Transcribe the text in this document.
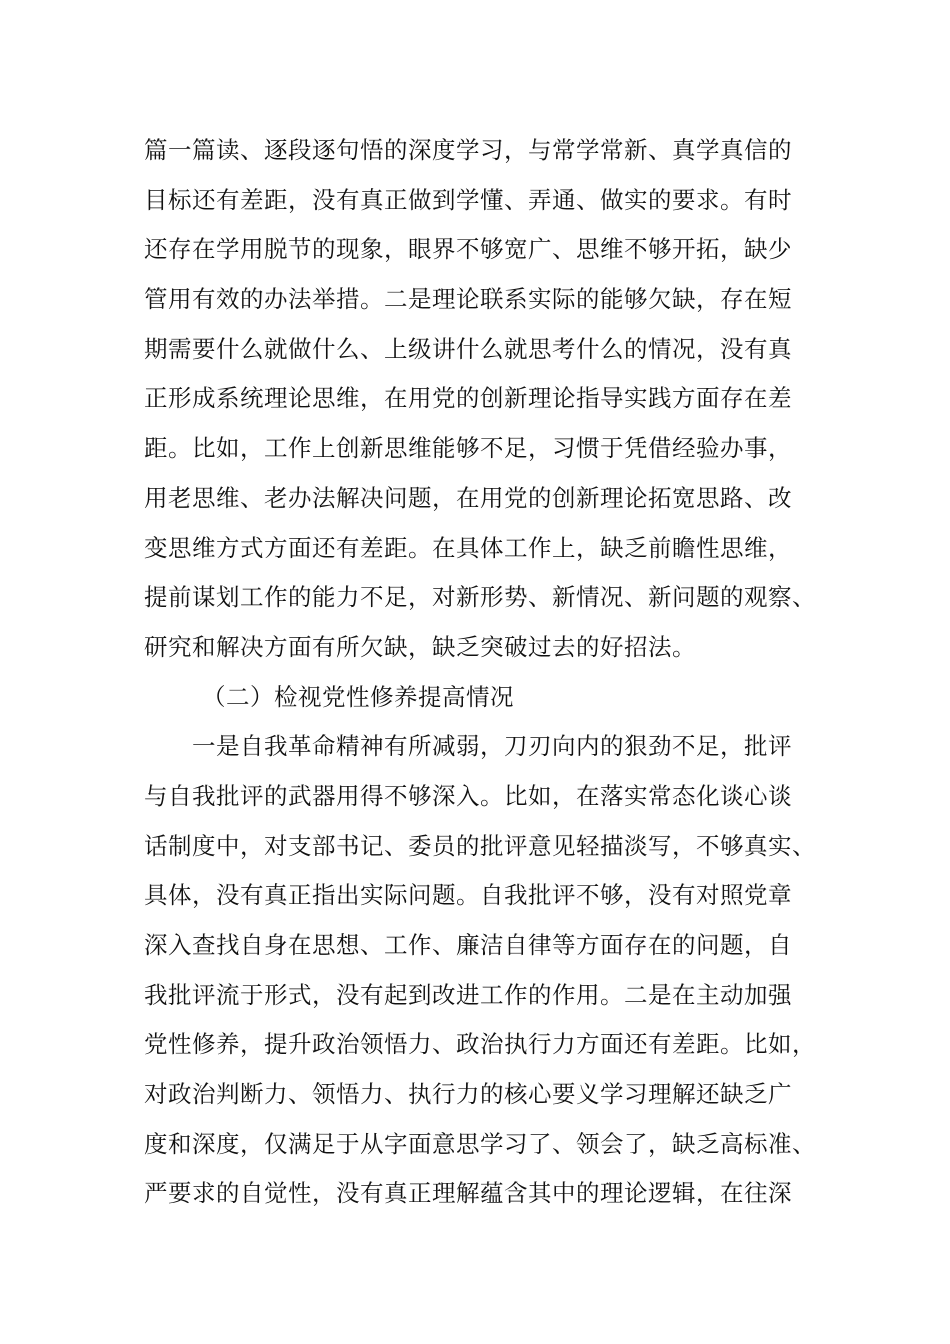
篇一篇读、逐段逐句悟的深度学习，与常学常新、真学真信的
目标还有差距，没有真正做到学懂、弄通、做实的要求。有时
还存在学用脱节的现象，眼界不够宽广、思维不够开拓，缺少
管用有效的办法举措。二是理论联系实际的能够欠缺，存在短
期需要什么就做什么、上级讲什么就思考什么的情况，没有真
正形成系统理论思维，在用党的创新理论指导实践方面存在差
距。比如，工作上创新思维能够不足，习惯于凭借经验办事，
用老思维、老办法解决问题，在用党的创新理论拓宽思路、改
变思维方式方面还有差距。在具体工作上，缺乏前瞻性思维，
提前谋划工作的能力不足，对新形势、新情况、新问题的观察、
研究和解决方面有所欠缺，缺乏突破过去的好招法。
（二）检视党性修养提高情况
一是自我革命精神有所减弱，刀刃向内的狠劲不足，批评
与自我批评的武器用得不够深入。比如，在落实常态化谈心谈
话制度中，对支部书记、委员的批评意见轻描淡写，不够真实、
具体，没有真正指出实际问题。自我批评不够，没有对照党章
深入查找自身在思想、工作、廉洁自律等方面存在的问题，自
我批评流于形式，没有起到改进工作的作用。二是在主动加强
党性修养，提升政治领悟力、政治执行力方面还有差距。比如，
对政治判断力、领悟力、执行力的核心要义学习理解还缺乏广
度和深度，仅满足于从字面意思学习了、领会了，缺乏高标准、
严要求的自觉性，没有真正理解蕴含其中的理论逻辑，在往深
